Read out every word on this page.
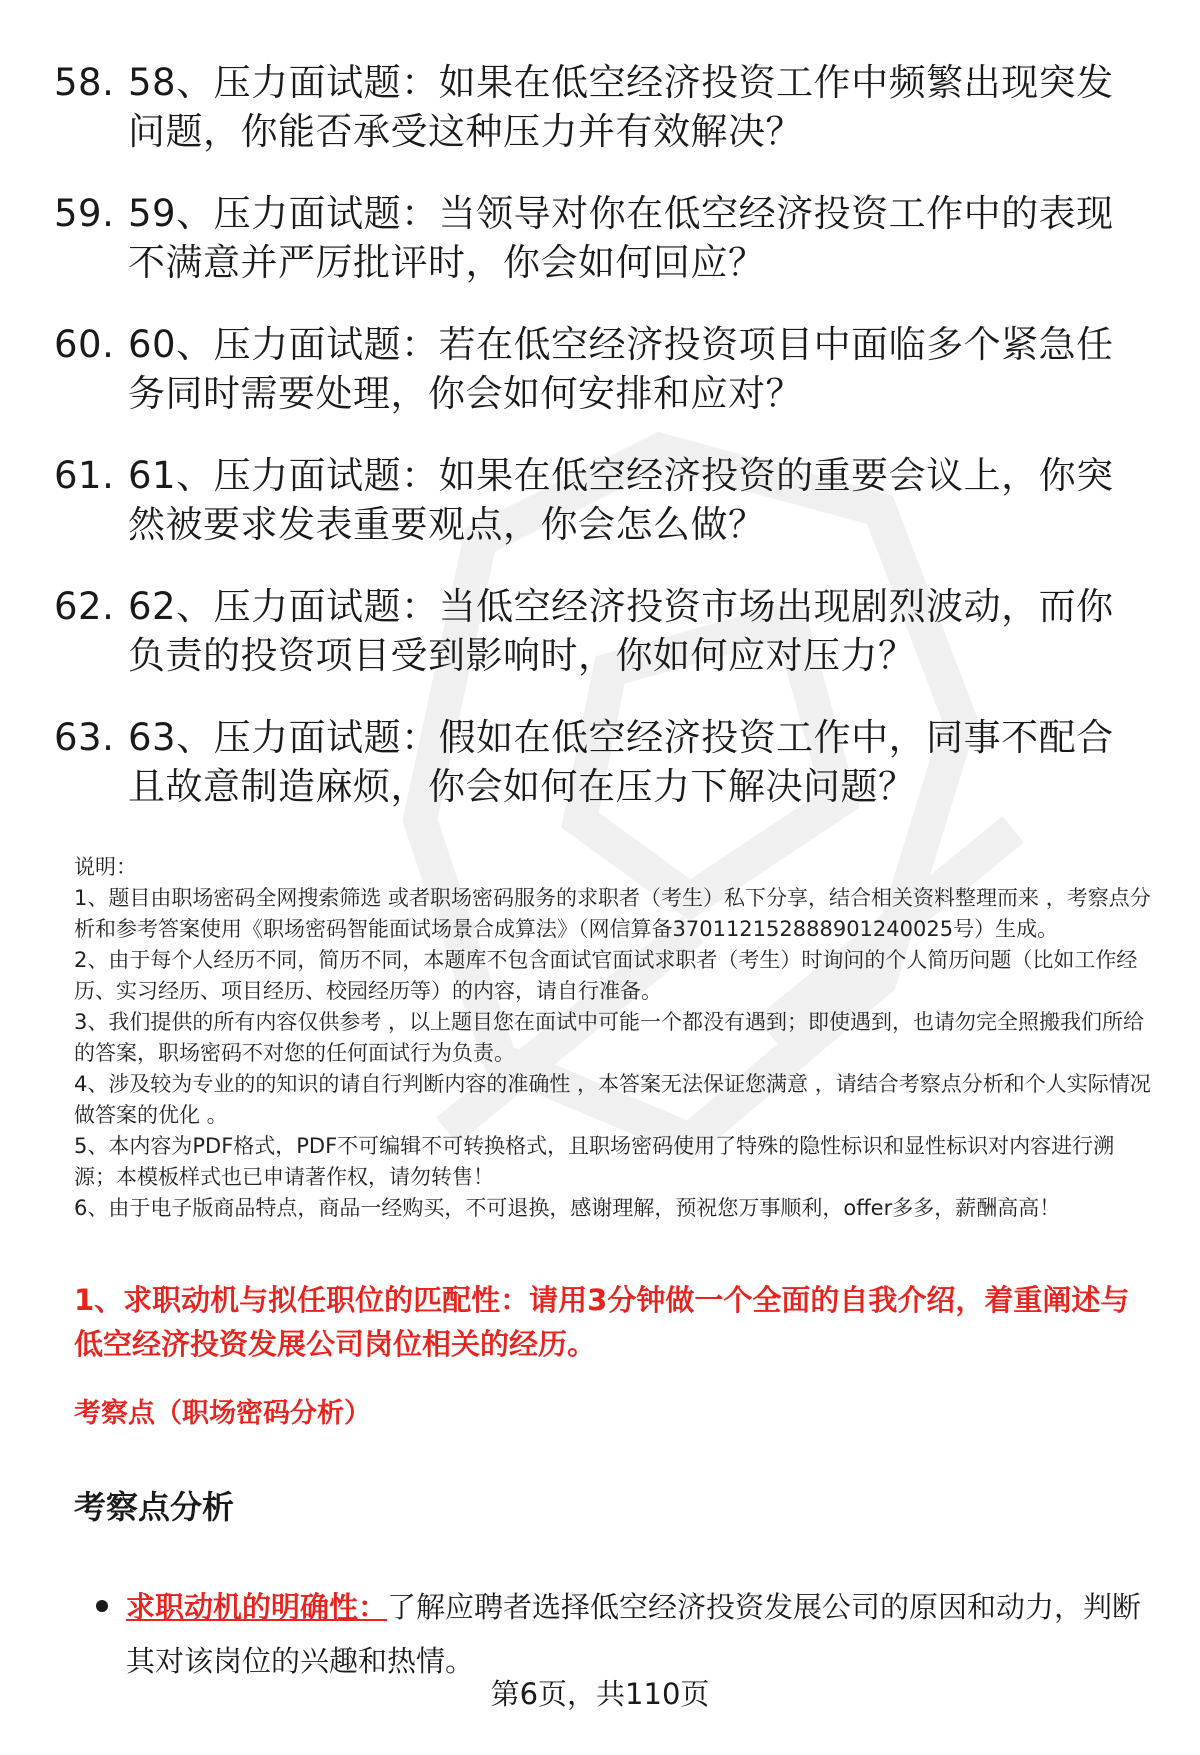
58. 58、压力面试题：如果在低空经济投资工作中频繁出现突发问题，你能否承受这种压力并有效解决？
59. 59、压力面试题：当领导对你在低空经济投资工作中的表现不满意并严厉批评时，你会如何回应？
60. 60、压力面试题：若在低空经济投资项目中面临多个紧急任务同时需要处理，你会如何安排和应对？
61. 61、压力面试题：如果在低空经济投资的重要会议上，你突然被要求发表重要观点，你会怎么做？
62. 62、压力面试题：当低空经济投资市场出现剧烈波动，而你负责的投资项目受到影响时，你如何应对压力？
63. 63、压力面试题：假如在低空经济投资工作中，同事不配合且故意制造麻烦，你会如何在压力下解决问题？

说明：

1、题目由职场密码全网搜索筛选 或者职场密码服务的求职者（考生）私下分享，结合相关资料整理而来 ，考察点分析和参考答案使用《职场密码智能面试场景合成算法》（网信算备370112152888901240025号）生成。

2、由于每个人经历不同，简历不同，本题库不包含面试官面试求职者（考生）时询问的个人简历问题（比如工作经历、实习经历、项目经历、校园经历等）的内容，请自行准备。

3、我们提供的所有内容仅供参考 ，以上题目您在面试中可能一个都没有遇到；即使遇到，也请勿完全照搬我们所给的答案，职场密码不对您的任何面试行为负责。

4、涉及较为专业的的知识的请自行判断内容的准确性 ，本答案无法保证您满意 ，请结合考察点分析和个人实际情况做答案的优化 。

5、本内容为PDF格式，PDF不可编辑不可转换格式，且职场密码使用了特殊的隐性标识和显性标识对内容进行溯源；本模板样式也已申请著作权，请勿转售！

6、由于电子版商品特点，商品一经购买，不可退换，感谢理解，预祝您万事顺利，offer多多，薪酬高高！

1、求职动机与拟任职位的匹配性：请用3分钟做一个全面的自我介绍，着重阐述与低空经济投资发展公司岗位相关的经历。
考察点（职场密码分析）
考察点分析
求职动机的明确性：了解应聘者选择低空经济投资发展公司的原因和动力，判断其对该岗位的兴趣和热情。
第6页，共110页
